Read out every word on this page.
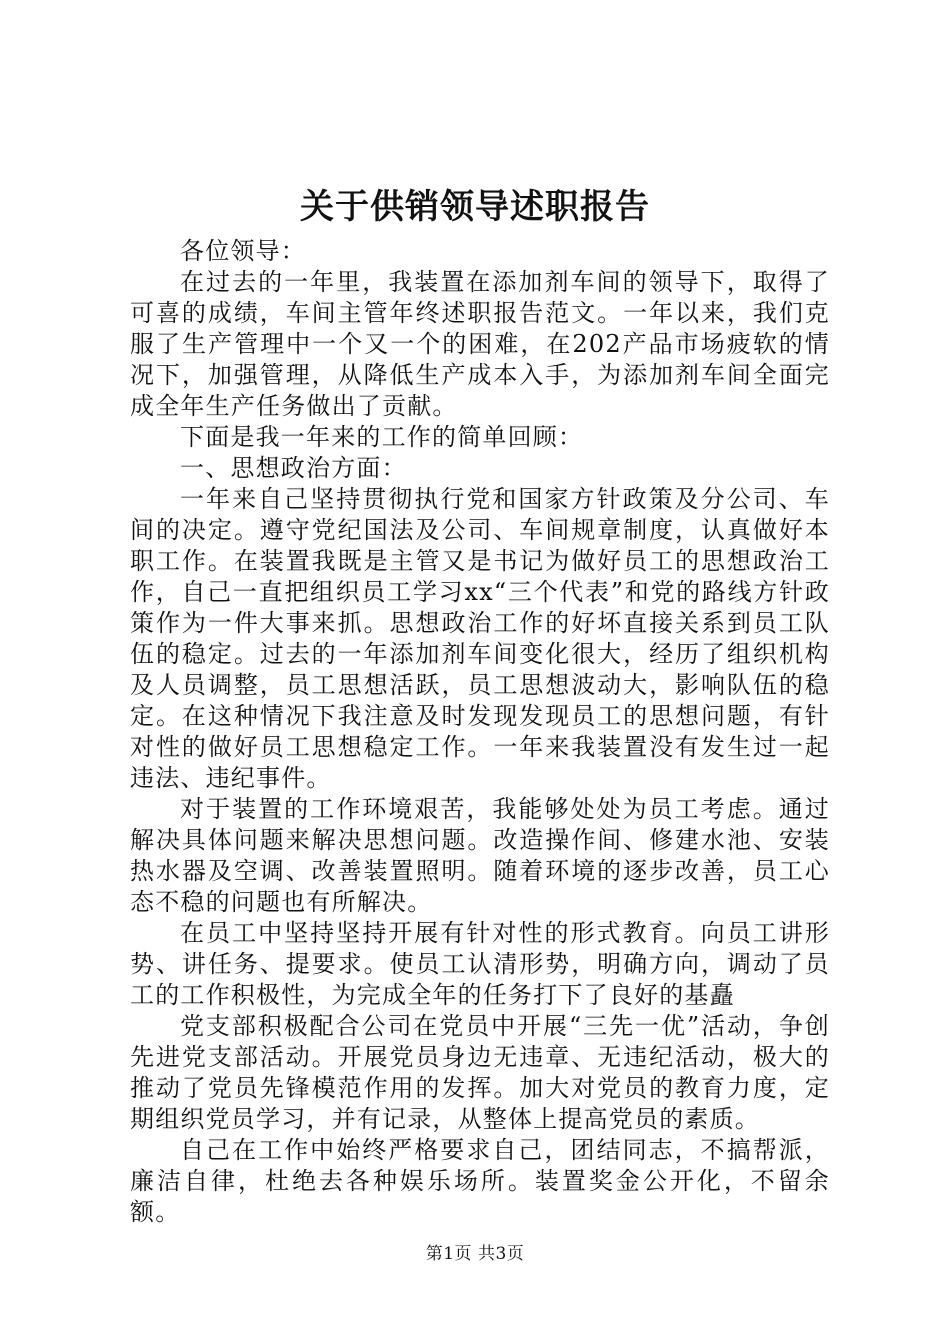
关于供销领导述职报告

各位领导：

在过去的一年里，我装置在添加剂车间的领导下，取得了可喜的成绩，车间主管年终述职报告范文。一年以来，我们克服了生产管理中一个又一个的困难，在202产品市场疲软的情况下，加强管理，从降低生产成本入手，为添加剂车间全面完成全年生产任务做出了贡献。

下面是我一年来的工作的简单回顾：

一、思想政治方面：

一年来自己坚持贯彻执行党和国家方针政策及分公司、车间的决定。遵守党纪国法及公司、车间规章制度，认真做好本职工作。在装置我既是主管又是书记为做好员工的思想政治工作，自己一直把组织员工学习xx“三个代表”和党的路线方针政策作为一件大事来抓。思想政治工作的好坏直接关系到员工队伍的稳定。过去的一年添加剂车间变化很大，经历了组织机构及人员调整，员工思想活跃，员工思想波动大，影响队伍的稳定。在这种情况下我注意及时发现发现员工的思想问题，有针对性的做好员工思想稳定工作。一年来我装置没有发生过一起违法、违纪事件。

对于装置的工作环境艰苦，我能够处处为员工考虑。通过解决具体问题来解决思想问题。改造操作间、修建水池、安装热水器及空调、改善装置照明。随着环境的逐步改善，员工心态不稳的问题也有所解决。

在员工中坚持坚持开展有针对性的形式教育。向员工讲形势、讲任务、提要求。使员工认清形势，明确方向，调动了员工的工作积极性，为完成全年的任务打下了良好的基矗

党支部积极配合公司在党员中开展“三先一优”活动，争创先进党支部活动。开展党员身边无违章、无违纪活动，极大的推动了党员先锋模范作用的发挥。加大对党员的教育力度，定期组织党员学习，并有记录，从整体上提高党员的素质。

自己在工作中始终严格要求自己，团结同志，不搞帮派，廉洁自律，杜绝去各种娱乐场所。装置奖金公开化，不留余额。

第1页 共3页
